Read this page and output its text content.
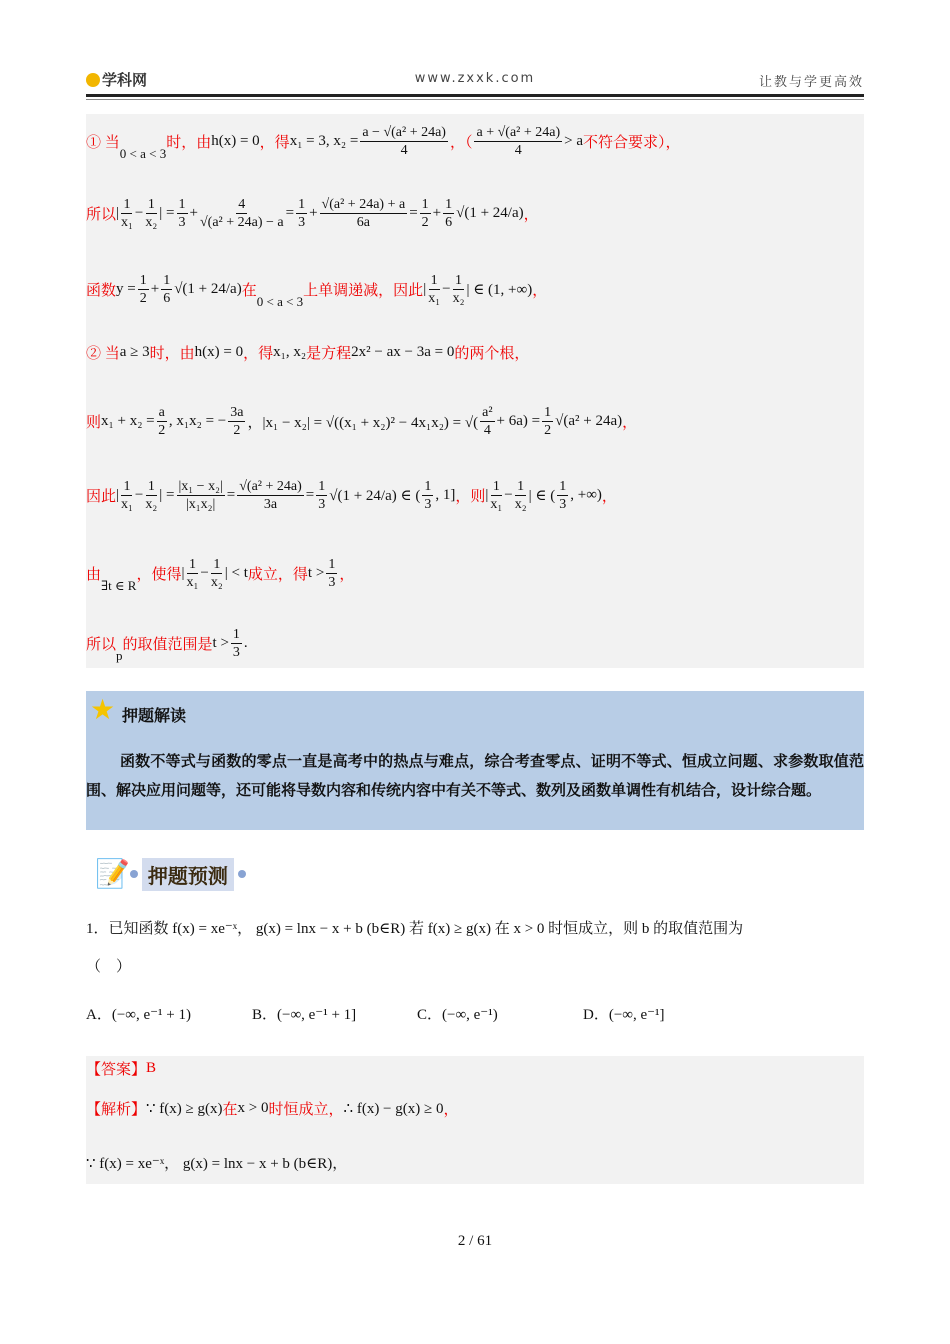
学科网	www.zxxk.com	让教与学更高效
① 当
0 < a < 3
时，由 h(x) = 0 ，得 x₁ = 3, $x_2 = \frac{\text{a − √(a² + 24a)}}{4}$ ，（ $\frac{\text{a + √(a² + 24a)}}{4} > a$ 不符合要求），
所以 | $\frac{1}{\text{x₁}} - \frac{1}{\text{x₂}}$ | = $\frac{1}{3} + \frac{4}{\text{√(a² + 24a) − a}} = \frac{1}{3} + \frac{\text{√(a² + 24a) + a}}{6a} = \frac{1}{2} + \frac{1}{6} √(1 + 24/a)$ ，
函数 $y = \frac{1}{2} + \frac{1}{6} √(1 + 24/a)$ 在
0 < a < 3
上单调递减，因此 | $\frac{1}{\text{x₁}} - \frac{1}{\text{x₂}}$ | ∈ (1, +∞) ，
② 当 a ≥ 3 时，由 h(x) = 0 ，得 x₁, x₂ 是方程 2x² − ax − 3a = 0 的两个根，
则 $x_1 + x_2 = \frac{a}{2}$ , x₁x₂ = − $\frac{3a}{2}$ ，|x₁ − x₂| = √((x₁ + x₂)² − 4x₁x₂) = √( $\frac{\text{a²}}{4} + 6a) = \frac{1}{2} √(a^2 + 24a)$ ，
因此 | $\frac{1}{\text{x₁}} - \frac{1}{\text{x₂}}$ | = $\frac{\text{|x₁ − x₂|}}{\text{|x₁x₂|}} = \frac{\text{√(a² + 24a)}}{3a} = \frac{1}{3} √(1 + 24/a)$ ∈ ( $\frac{1}{3}$ , 1] ，则 | $\frac{1}{\text{x₁}} - \frac{1}{\text{x₂}}$ | ∈ ( $\frac{1}{3}$ , +∞) ，
由
∃t ∈ R
，使得 | $\frac{1}{\text{x₁}} - \frac{1}{\text{x₂}}$ | < t 成立，得 $t > \frac{1}{3}$ ，
所以
p
的取值范围是 $t > \frac{1}{3}$ .
★ 押题解读

函数不等式与函数的零点一直是高考中的热点与难点，综合考查零点、证明不等式、恒成立问题、求参数取值范围、解决应用问题等，还可能将导数内容和传统内容中有关不等式、数列及函数单调性有机结合，设计综合题。

📝 押题预测
1．已知函数 f(x) = xe⁻ˣ， g(x) = lnx − x + b (b∈R) 若 f(x) ≥ g(x) 在 x > 0 时恒成立，则 b 的取值范围为
（　）
A．(−∞, e⁻¹ + 1)	B．(−∞, e⁻¹ + 1]	C．(−∞, e⁻¹)	D．(−∞, e⁻¹]
【答案】 B
【解析】 ∵ f(x) ≥ g(x) 在 x > 0 时恒成立， ∴ f(x) − g(x) ≥ 0 ，
∵ f(x) = xe⁻ˣ， g(x) = lnx − x + b (b∈R)，
2 / 61
